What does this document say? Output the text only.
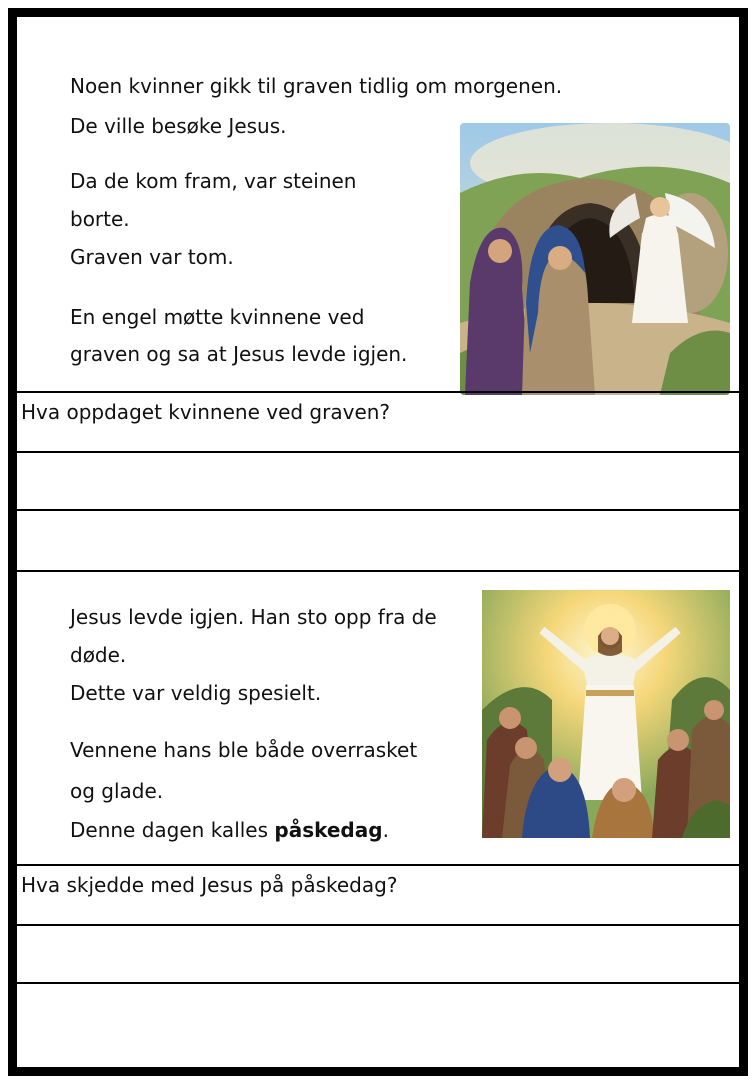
Noen kvinner gikk til graven tidlig om morgenen.
De ville besøke Jesus.
Da de kom fram, var steinen
borte.
Graven var tom.
En engel møtte kvinnene ved
graven og sa at Jesus levde igjen.
Hva oppdaget kvinnene ved graven?
Jesus levde igjen. Han sto opp fra de
døde.
Dette var veldig spesielt.
Vennene hans ble både overrasket
og glade.
Denne dagen kalles påskedag.
Hva skjedde med Jesus på påskedag?
